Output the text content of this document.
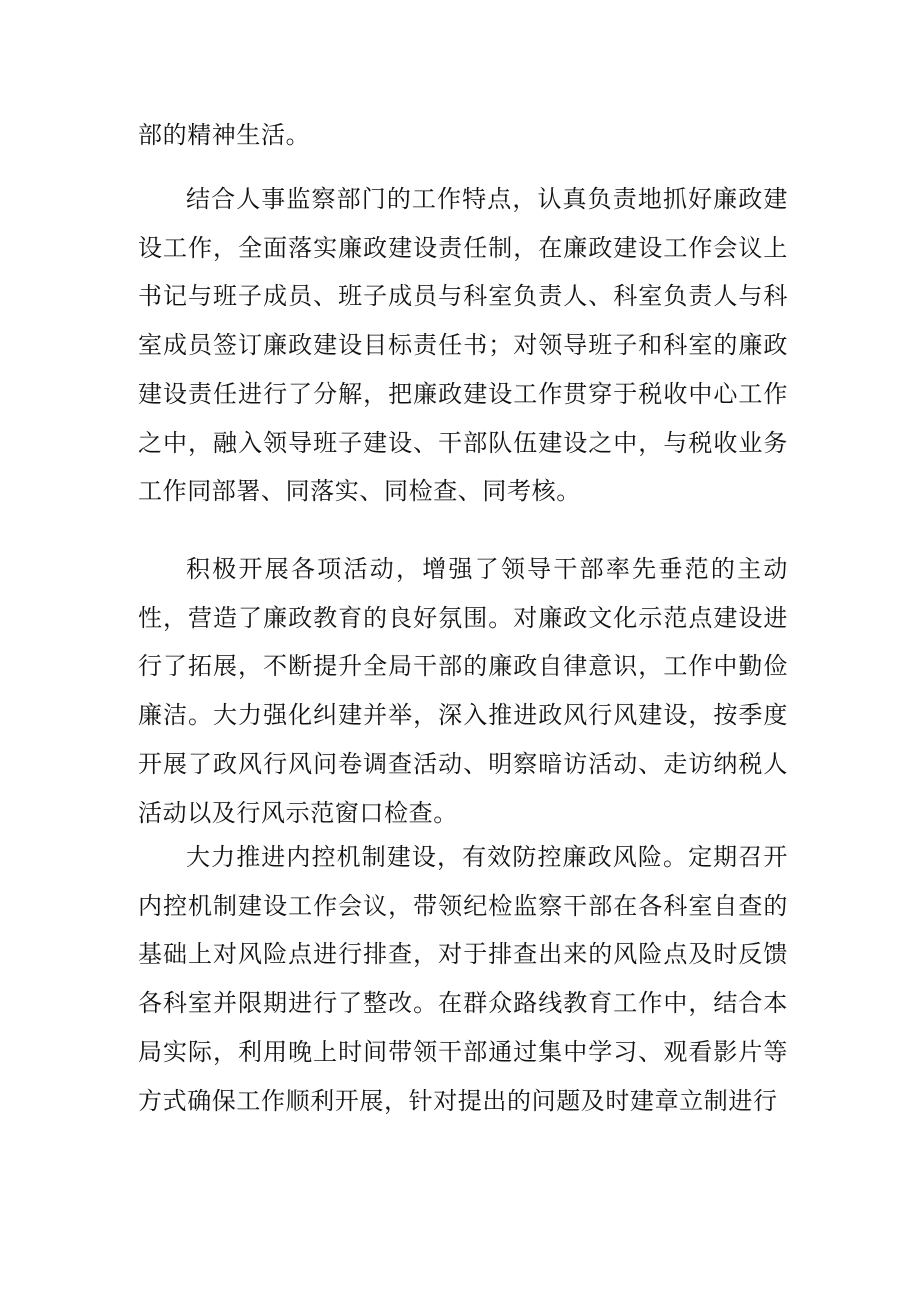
部的精神生活。

结合人事监察部门的工作特点，认真负责地抓好廉政建设工作，全面落实廉政建设责任制，在廉政建设工作会议上书记与班子成员、班子成员与科室负责人、科室负责人与科室成员签订廉政建设目标责任书；对领导班子和科室的廉政建设责任进行了分解，把廉政建设工作贯穿于税收中心工作之中，融入领导班子建设、干部队伍建设之中，与税收业务工作同部署、同落实、同检查、同考核。

积极开展各项活动，增强了领导干部率先垂范的主动性，营造了廉政教育的良好氛围。对廉政文化示范点建设进行了拓展，不断提升全局干部的廉政自律意识，工作中勤俭廉洁。大力强化纠建并举，深入推进政风行风建设，按季度开展了政风行风问卷调查活动、明察暗访活动、走访纳税人活动以及行风示范窗口检查。

大力推进内控机制建设，有效防控廉政风险。定期召开内控机制建设工作会议，带领纪检监察干部在各科室自查的基础上对风险点进行排查，对于排查出来的风险点及时反馈各科室并限期进行了整改。在群众路线教育工作中，结合本局实际，利用晚上时间带领干部通过集中学习、观看影片等方式确保工作顺利开展，针对提出的问题及时建章立制进行
